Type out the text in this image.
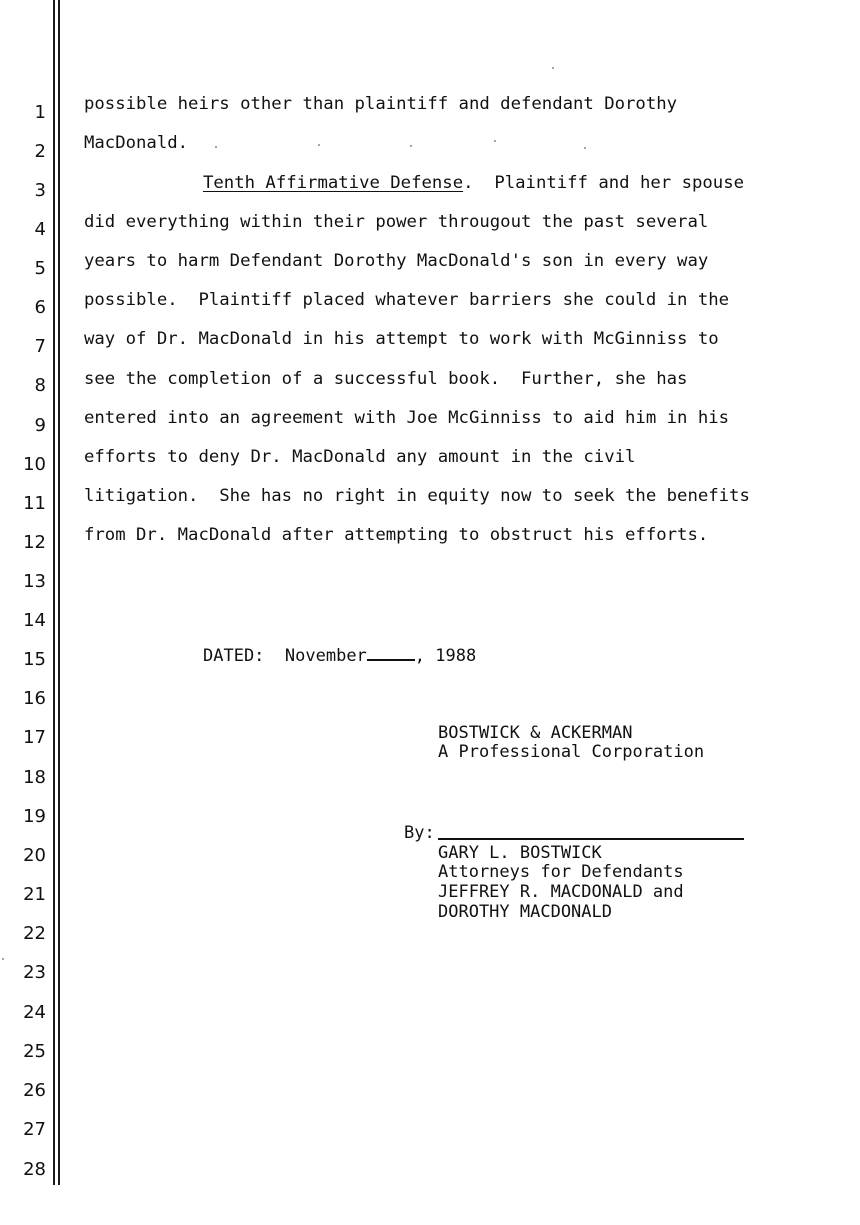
1
2
3
4
5
6
7
8
9
10
11
12
13
14
15
16
17
18
19
20
21
22
23
24
25
26
27
28
possible heirs other than plaintiff and defendant Dorothy
MacDonald.
Tenth Affirmative Defense.  Plaintiff and her spouse
did everything within their power througout the past several
years to harm Defendant Dorothy MacDonald's son in every way
possible.  Plaintiff placed whatever barriers she could in the
way of Dr. MacDonald in his attempt to work with McGinniss to
see the completion of a successful book.  Further, she has
entered into an agreement with Joe McGinniss to aid him in his
efforts to deny Dr. MacDonald any amount in the civil
litigation.  She has no right in equity now to seek the benefits
from Dr. MacDonald after attempting to obstruct his efforts.
DATED: November	, 1988
BOSTWICK & ACKERMAN
A Professional Corporation
By:
GARY L. BOSTWICK
Attorneys for Defendants
JEFFREY R. MACDONALD and
DOROTHY MACDONALD
